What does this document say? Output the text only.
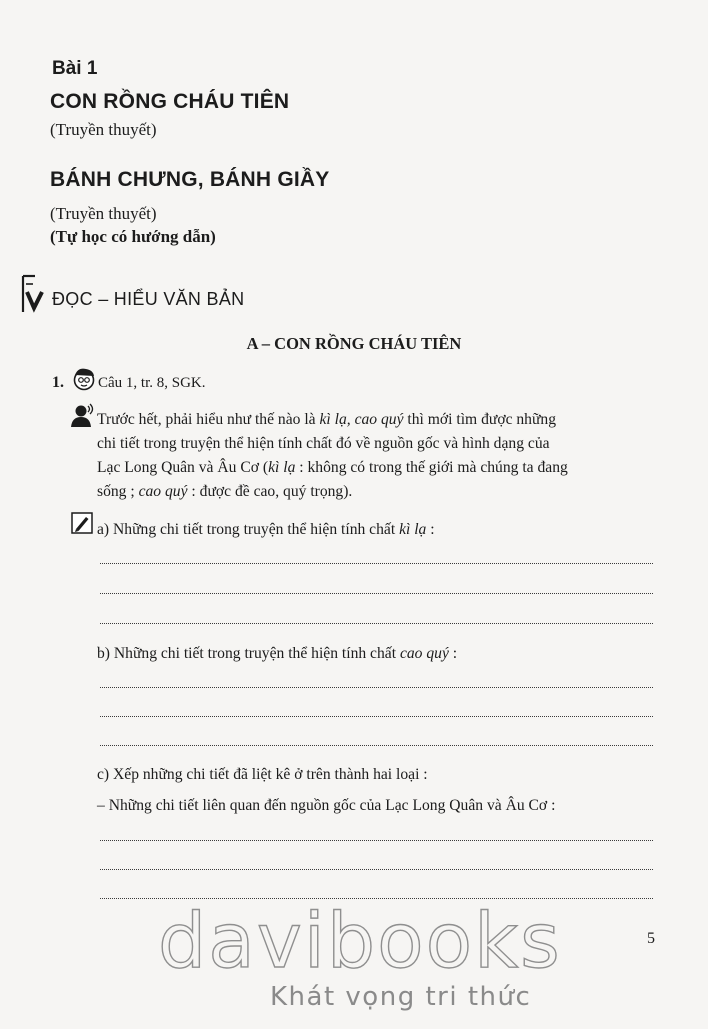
Bài 1
CON RỒNG CHÁU TIÊN
(Truyền thuyết)
BÁNH CHƯNG, BÁNH GIẦY
(Truyền thuyết)
(Tự học có hướng dẫn)
ĐỌC – HIỂU VĂN BẢN
A – CON RỒNG CHÁU TIÊN
1. Câu 1, tr. 8, SGK.
Trước hết, phải hiểu như thế nào là kì lạ, cao quý thì mới tìm được những
chi tiết trong truyện thể hiện tính chất đó về nguồn gốc và hình dạng của
Lạc Long Quân và Âu Cơ (kì lạ : không có trong thế giới mà chúng ta đang
sống ; cao quý : được đề cao, quý trọng).
a) Những chi tiết trong truyện thể hiện tính chất kì lạ :
b) Những chi tiết trong truyện thể hiện tính chất cao quý :
c) Xếp những chi tiết đã liệt kê ở trên thành hai loại :
– Những chi tiết liên quan đến nguồn gốc của Lạc Long Quân và Âu Cơ :
5
davibooks
Khát vọng tri thức
